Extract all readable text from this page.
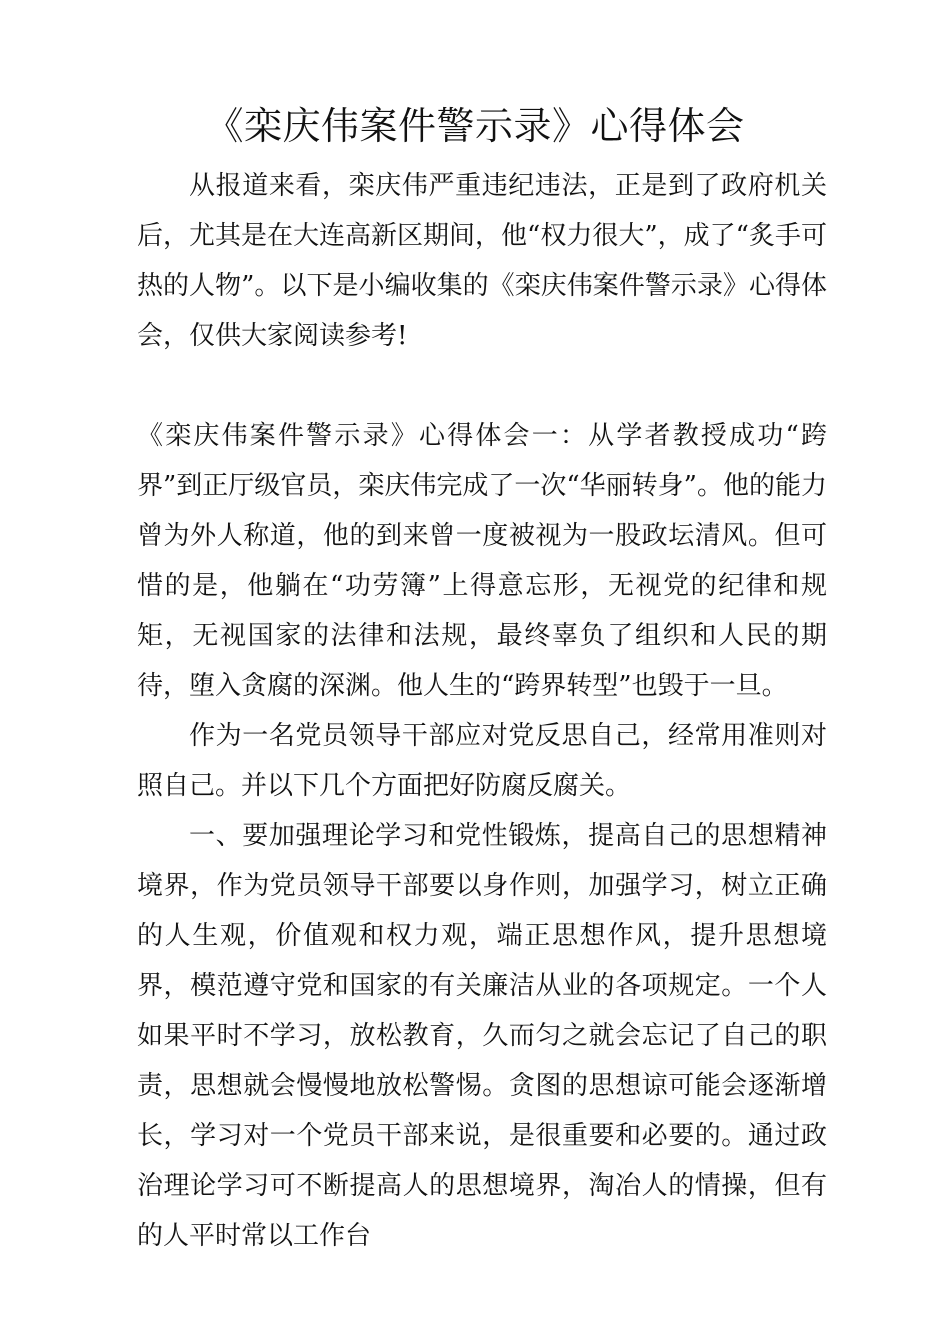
《栾庆伟案件警示录》心得体会

从报道来看，栾庆伟严重违纪违法，正是到了政府机关后，尤其是在大连高新区期间，他“权力很大”，成了“炙手可热的人物”。以下是小编收集的《栾庆伟案件警示录》心得体会，仅供大家阅读参考!

《栾庆伟案件警示录》心得体会一：从学者教授成功“跨界”到正厅级官员，栾庆伟完成了一次“华丽转身”。他的能力曾为外人称道，他的到来曾一度被视为一股政坛清风。但可惜的是，他躺在“功劳簿”上得意忘形，无视党的纪律和规矩，无视国家的法律和法规，最终辜负了组织和人民的期待，堕入贪腐的深渊。他人生的“跨界转型”也毁于一旦。

作为一名党员领导干部应对党反思自己，经常用准则对照自己。并以下几个方面把好防腐反腐关。

一、要加强理论学习和党性锻炼，提高自己的思想精神境界，作为党员领导干部要以身作则，加强学习，树立正确的人生观，价值观和权力观，端正思想作风，提升思想境界，模范遵守党和国家的有关廉洁从业的各项规定。一个人如果平时不学习，放松教育，久而匀之就会忘记了自己的职责，思想就会慢慢地放松警惕。贪图的思想谅可能会逐渐增长，学习对一个党员干部来说，是很重要和必要的。通过政治理论学习可不断提高人的思想境界，淘冶人的情操，但有的人平时常以工作台
